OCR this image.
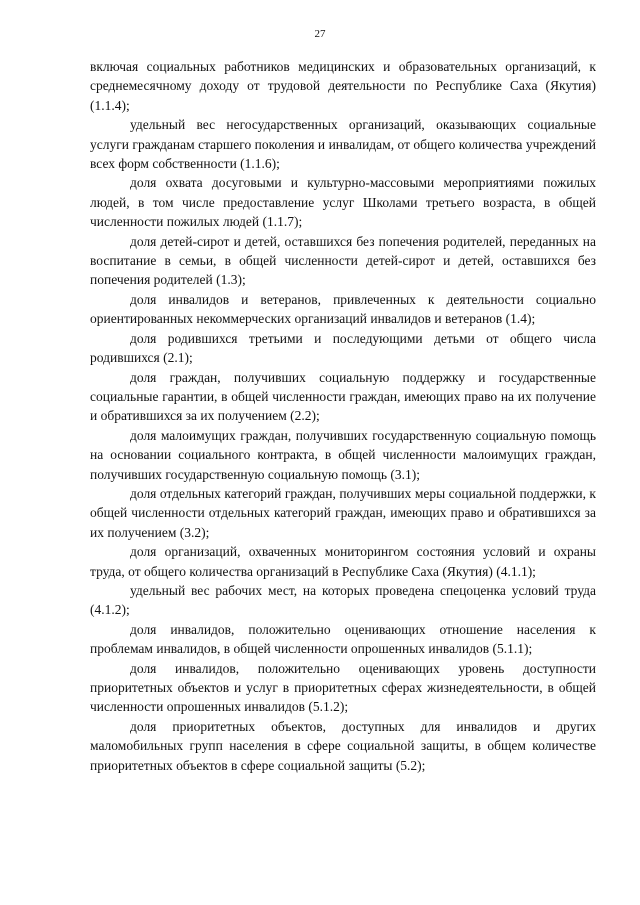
27

включая социальных работников медицинских и образовательных организаций, к среднемесячному доходу от трудовой деятельности по Республике Саха (Якутия) (1.1.4);

удельный вес негосударственных организаций, оказывающих социальные услуги гражданам старшего поколения и инвалидам, от общего количества учреждений всех форм собственности (1.1.6);

доля охвата досуговыми и культурно-массовыми мероприятиями пожилых людей, в том числе предоставление услуг Школами третьего возраста, в общей численности пожилых людей (1.1.7);

доля детей-сирот и детей, оставшихся без попечения родителей, переданных на воспитание в семьи, в общей численности детей-сирот и детей, оставшихся без попечения родителей (1.3);

доля инвалидов и ветеранов, привлеченных к деятельности социально ориентированных некоммерческих организаций инвалидов и ветеранов (1.4);

доля родившихся третьими и последующими детьми от общего числа родившихся (2.1);

доля граждан, получивших социальную поддержку и государственные социальные гарантии, в общей численности граждан, имеющих право на их получение и обратившихся за их получением (2.2);

доля малоимущих граждан, получивших государственную социальную помощь на основании социального контракта, в общей численности малоимущих граждан, получивших государственную социальную помощь (3.1);

доля отдельных категорий граждан, получивших меры социальной поддержки, к общей численности отдельных категорий граждан, имеющих право и обратившихся за их получением (3.2);

доля организаций, охваченных мониторингом состояния условий и охраны труда, от общего количества организаций в Республике Саха (Якутия) (4.1.1);

удельный вес рабочих мест, на которых проведена спецоценка условий труда (4.1.2);

доля инвалидов, положительно оценивающих отношение населения к проблемам инвалидов, в общей численности опрошенных инвалидов (5.1.1);

доля инвалидов, положительно оценивающих уровень доступности приоритетных объектов и услуг в приоритетных сферах жизнедеятельности, в общей численности опрошенных инвалидов (5.1.2);

доля приоритетных объектов, доступных для инвалидов и других маломобильных групп населения в сфере социальной защиты, в общем количестве приоритетных объектов в сфере социальной защиты (5.2);
